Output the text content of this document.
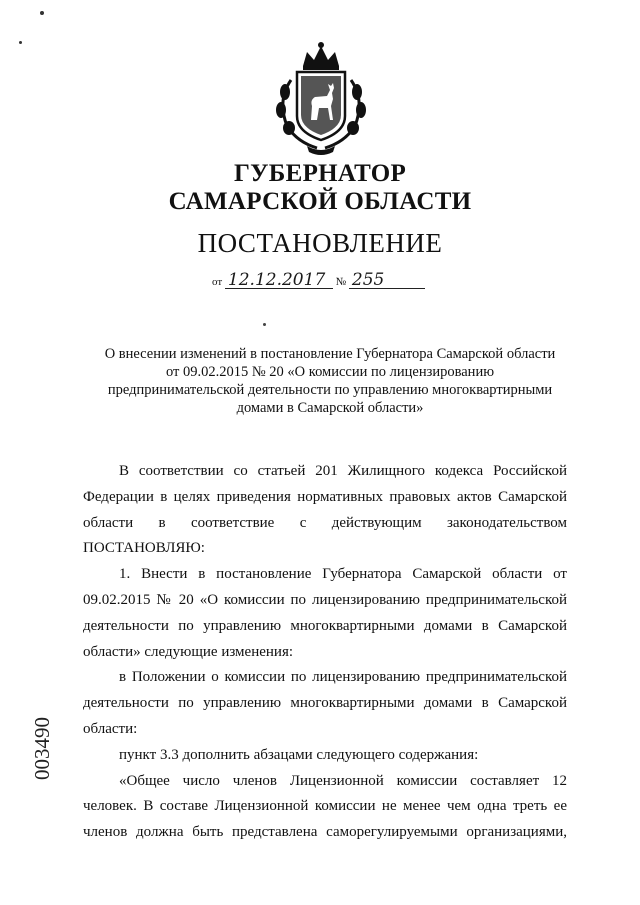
ГУБЕРНАТОР
САМАРСКОЙ ОБЛАСТИ
ПОСТАНОВЛЕНИЕ
от 12.12.2017 № 255
О внесении изменений в постановление Губернатора Самарской области
от 09.02.2015 № 20 «О комиссии по лицензированию
предпринимательской деятельности по управлению многоквартирными
домами в Самарской области»

В соответствии со статьей 201 Жилищного кодекса Российской Федерации в целях приведения нормативных правовых актов Самарской области в соответствие с действующим законодательством

ПОСТАНОВЛЯЮ:

1. Внести в постановление Губернатора Самарской области от 09.02.2015 № 20 «О комиссии по лицензированию предпринимательской деятельности по управлению многоквартирными домами в Самарской области» следующие изменения:

в Положении о комиссии по лицензированию предпринимательской деятельности по управлению многоквартирными домами в Самарской области:

пункт 3.3 дополнить абзацами следующего содержания:

«Общее число членов Лицензионной комиссии составляет 12 человек. В составе Лицензионной комиссии не менее чем одна треть ее членов должна быть представлена саморегулируемыми организациями,

003490
